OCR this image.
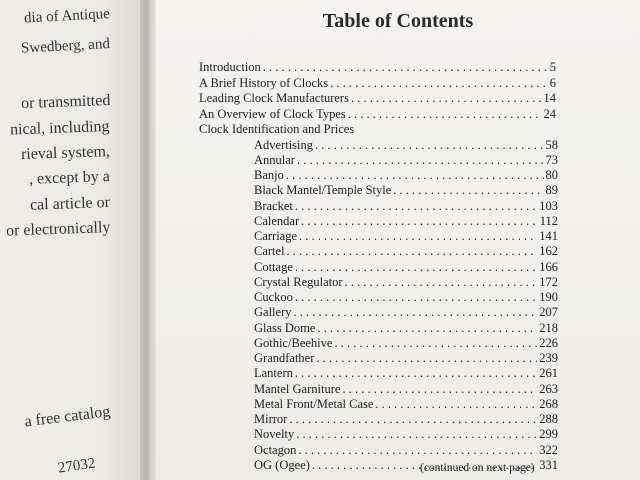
dia of Antique
Swedberg, and
or transmitted
nical, including
rieval system,
, except by a
cal article or
or electronically
a free catalog
27032
Table of Contents
Introduction . . .	5
A Brief History of Clocks . . .	6
Leading Clock Manufacturers . . .	14
An Overview of Clock Types . . .	24
Clock Identification and Prices
Advertising . . .	58
Annular . . .	73
Banjo . . .	80
Black Mantel/Temple Style . . .	89
Bracket . . .	103
Calendar . . .	112
Carriage . . .	141
Cartel . . .	162
Cottage . . .	166
Crystal Regulator . . .	172
Cuckoo . . .	190
Gallery . . .	207
Glass Dome . . .	218
Gothic/Beehive . . .	226
Grandfather . . .	239
Lantern . . .	261
Mantel Garniture . . .	263
Metal Front/Metal Case . . .	268
Mirror . . .	288
Novelty . . .	299
Octagon . . .	322
OG (Ogee) . . .	331
(continued on next page)
